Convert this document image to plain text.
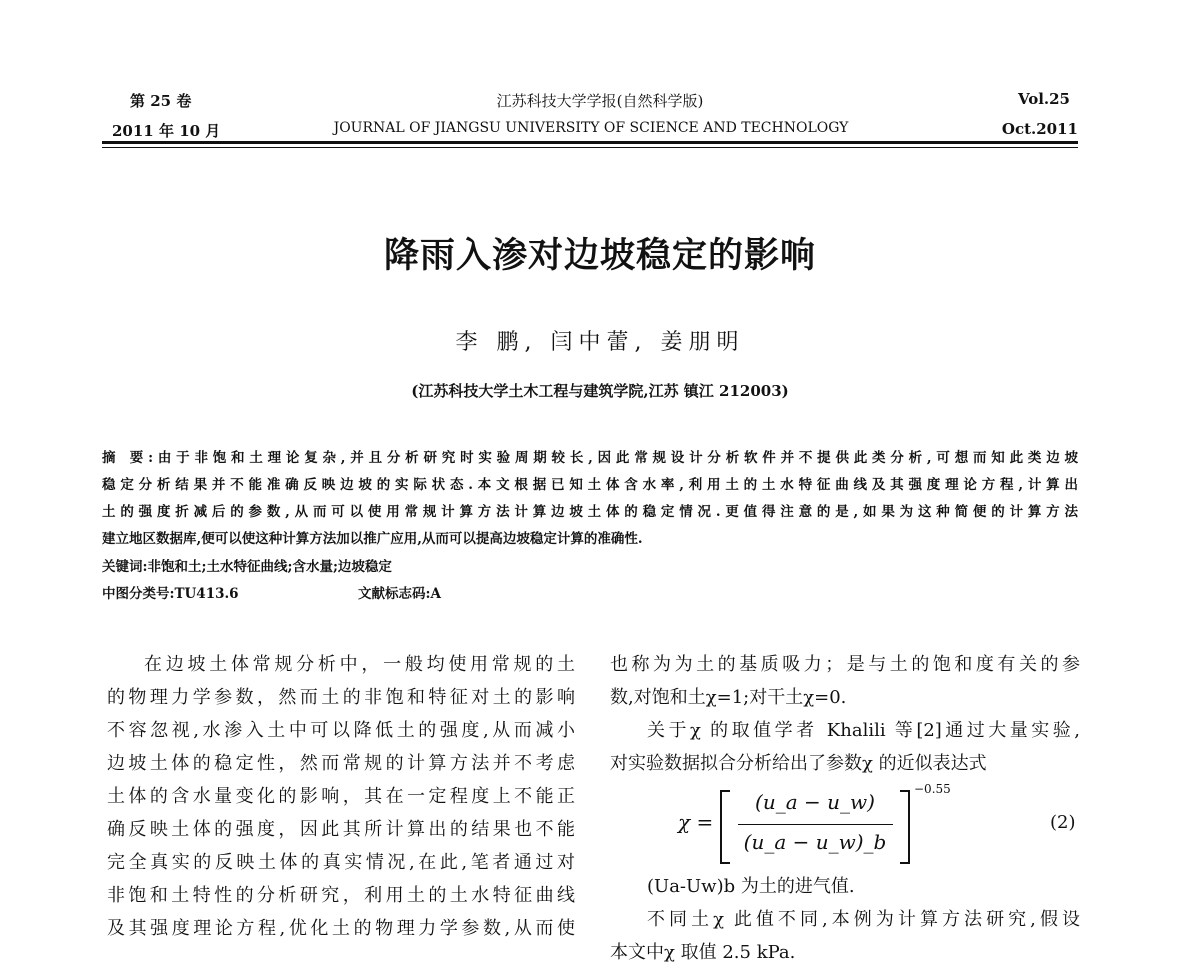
第 25 卷
2011 年 10 月
江苏科技大学学报(自然科学版)
JOURNAL OF JIANGSU UNIVERSITY OF SCIENCE AND TECHNOLOGY
Vol.25
Oct.2011
降雨入渗对边坡稳定的影响
李 鹏, 闫中蕾, 姜朋明
(江苏科技大学土木工程与建筑学院,江苏 镇江 212003)
摘 要:由于非饱和土理论复杂,并且分析研究时实验周期较长,因此常规设计分析软件并不提供此类分析,可想而知此类边坡
稳定分析结果并不能准确反映边坡的实际状态.本文根据已知土体含水率,利用土的土水特征曲线及其强度理论方程,计算出
土的强度折减后的参数,从而可以使用常规计算方法计算边坡土体的稳定情况.更值得注意的是,如果为这种简便的计算方法
建立地区数据库,便可以使这种计算方法加以推广应用,从而可以提高边坡稳定计算的准确性.
关键词:非饱和土;土水特征曲线;含水量;边坡稳定
中图分类号:TU413.6	文献标志码:A
在边坡土体常规分析中，一般均使用常规的土
的物理力学参数，然而土的非饱和特征对土的影响
不容忽视,水渗入土中可以降低土的强度,从而减小
边坡土体的稳定性，然而常规的计算方法并不考虑
土体的含水量变化的影响，其在一定程度上不能正
确反映土体的强度，因此其所计算出的结果也不能
完全真实的反映土体的真实情况,在此,笔者通过对
非饱和土特性的分析研究，利用土的土水特征曲线
及其强度理论方程,优化土的物理力学参数,从而使
也称为为土的基质吸力；是与土的饱和度有关的参
数,对饱和土χ=1;对干土χ=0.
关于χ 的取值学者 Khalili 等[2]通过大量实验,
对实验数据拟合分析给出了参数χ 的近似表达式
χ =
(u_a − u_w)
(u_a − u_w)_b
−0.55
(2)
(Ua-Uw)b 为土的进气值.
不同土χ 此值不同,本例为计算方法研究,假设
本文中χ 取值 2.5 kPa.
